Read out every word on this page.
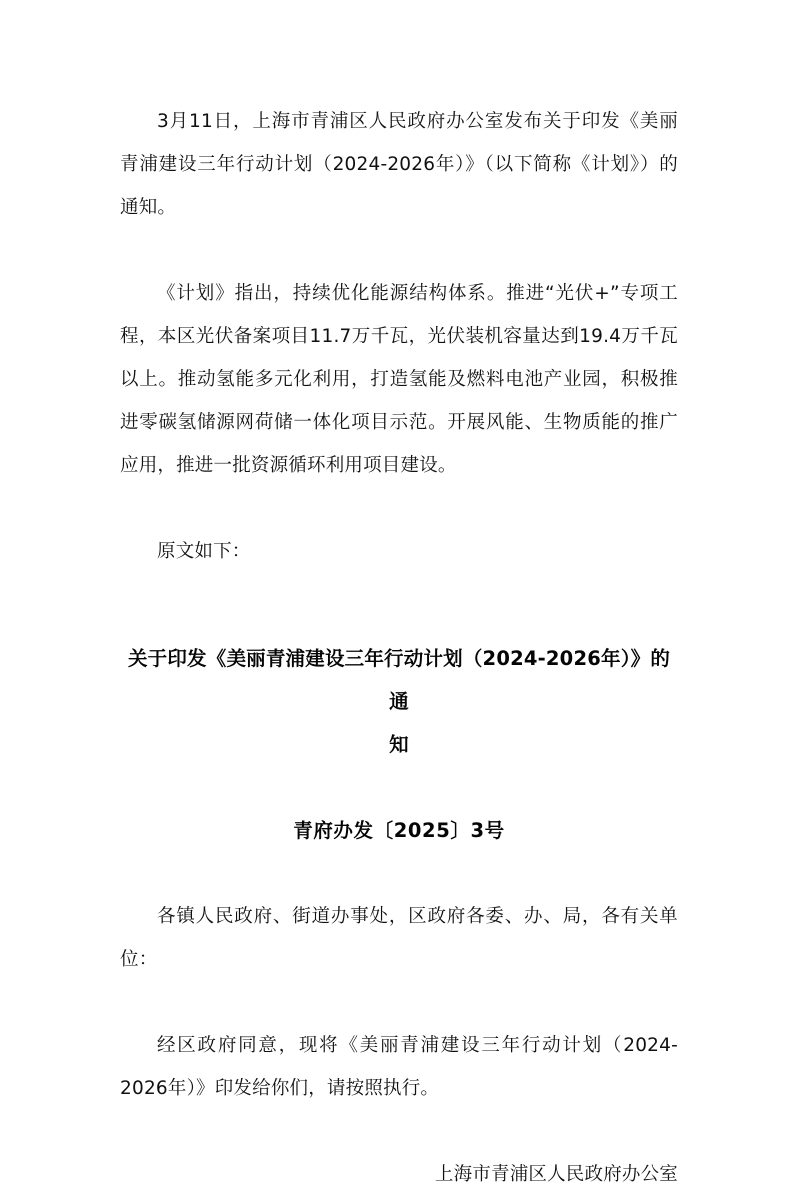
3月11日，上海市青浦区人民政府办公室发布关于印发《美丽青浦建设三年行动计划（2024-2026年）》（以下简称《计划》）的通知。

《计划》指出，持续优化能源结构体系。推进“光伏+”专项工程，本区光伏备案项目11.7万千瓦，光伏装机容量达到19.4万千瓦以上。推动氢能多元化利用，打造氢能及燃料电池产业园，积极推进零碳氢储源网荷储一体化项目示范。开展风能、生物质能的推广应用，推进一批资源循环利用项目建设。

原文如下：

关于印发《美丽青浦建设三年行动计划（2024-2026年）》的通

知

青府办发〔2025〕3号

各镇人民政府、街道办事处，区政府各委、办、局，各有关单位：

经区政府同意，现将《美丽青浦建设三年行动计划（2024-2026年）》印发给你们，请按照执行。

上海市青浦区人民政府办公室
